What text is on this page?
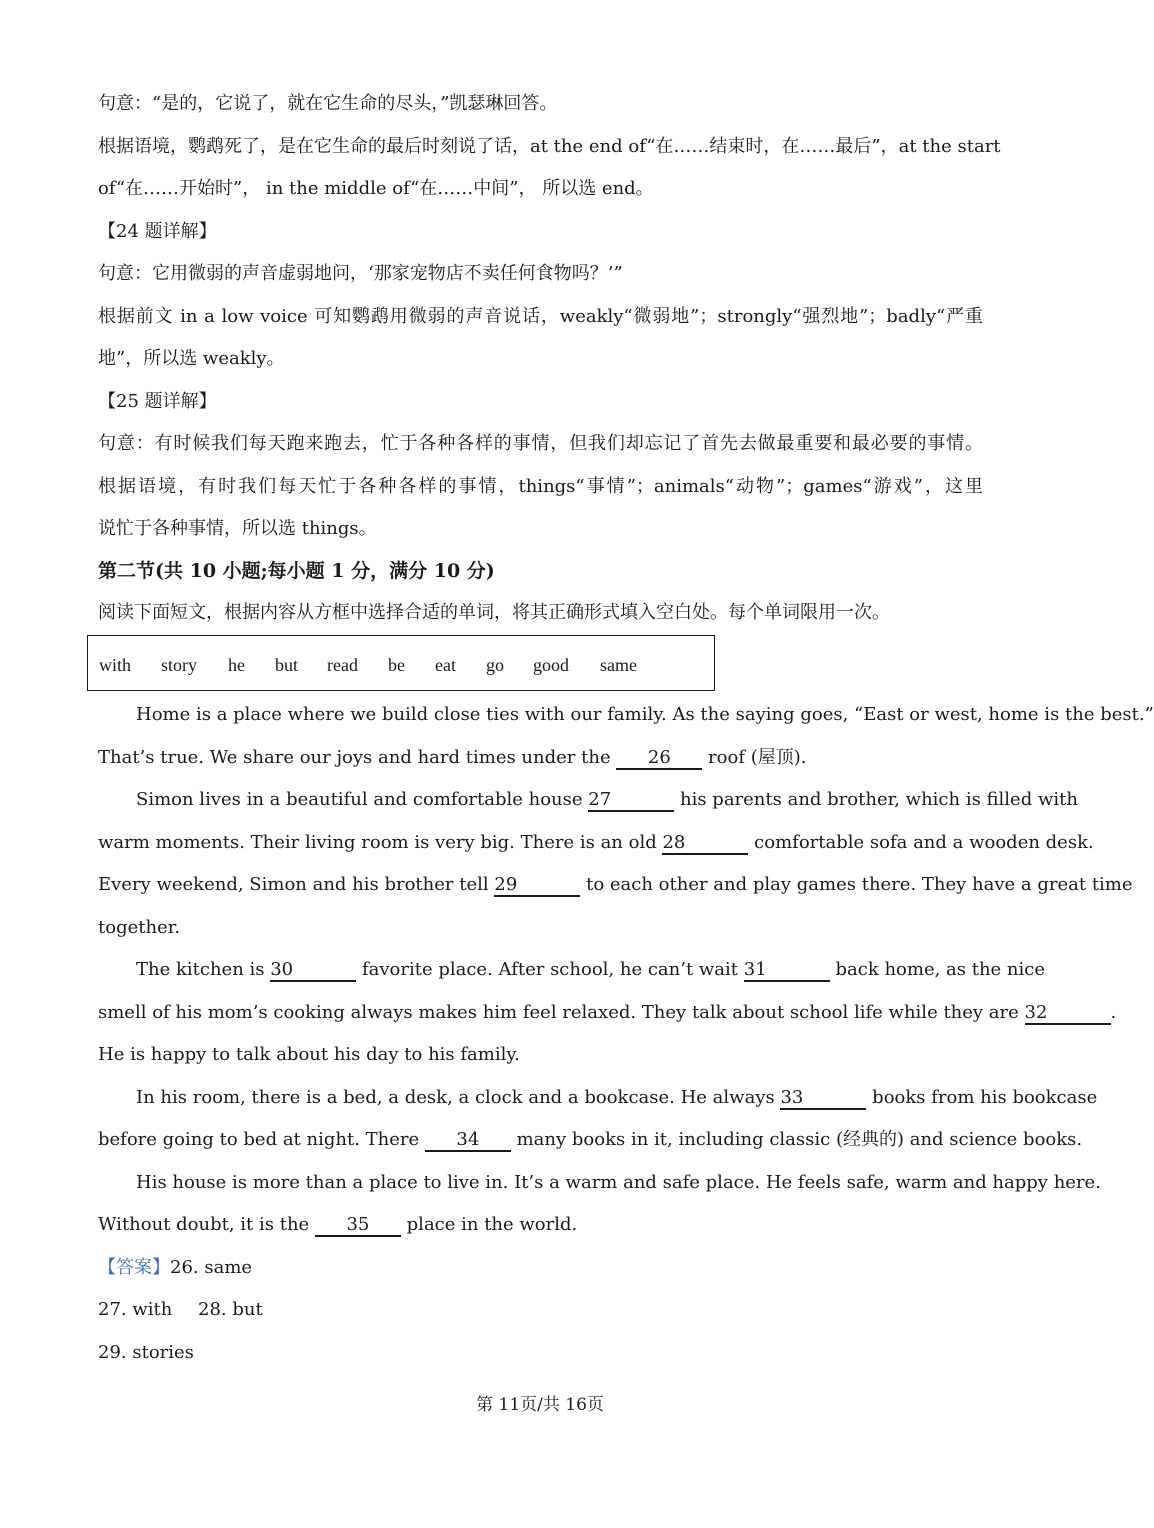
句意：“是的，它说了，就在它生命的尽头，”凯瑟琳回答。
根据语境，鹦鹉死了，是在它生命的最后时刻说了话，at the end of“在……结束时，在……最后”，at the start
of“在……开始时”， in the middle of“在……中间”， 所以选 end。
【24 题详解】
句意：它用微弱的声音虚弱地问，‘那家宠物店不卖任何食物吗？’”
根据前文 in a low voice 可知鹦鹉用微弱的声音说话，weakly“微弱地”；strongly“强烈地”；badly“严重
地”，所以选 weakly。
【25 题详解】
句意：有时候我们每天跑来跑去，忙于各种各样的事情，但我们却忘记了首先去做最重要和最必要的事情。
根据语境，有时我们每天忙于各种各样的事情，things“事情”；animals“动物”；games“游戏”，这里
说忙于各种事情，所以选 things。
第二节(共 10 小题;每小题 1 分，满分 10 分)
阅读下面短文，根据内容从方框中选择合适的单词，将其正确形式填入空白处。每个单词限用一次。
with story he but read be eat go good same
Home is a place where we build close ties with our family. As the saying goes, “East or west, home is the best.”
That’s true. We share our joys and hard times under the 26 roof (屋顶).
Simon lives in a beautiful and comfortable house 27	his parents and brother, which is filled with
warm moments. Their living room is very big. There is an old 28	comfortable sofa and a wooden desk.
Every weekend, Simon and his brother tell 29	to each other and play games there. They have a great time
together.
The kitchen is 30	favorite place. After school, he can’t wait 31	back home, as the nice
smell of his mom’s cooking always makes him feel relaxed. They talk about school life while they are 32	.
He is happy to talk about his day to his family.
In his room, there is a bed, a desk, a clock and a bookcase. He always 33	books from his bookcase
before going to bed at night. There 34 many books in it, including classic (经典的) and science books.
His house is more than a place to live in. It’s a warm and safe place. He feels safe, warm and happy here.
Without doubt, it is the 35 place in the world.
【答案】26. same
27. with 28. but
29. stories
第 11页/共 16页
